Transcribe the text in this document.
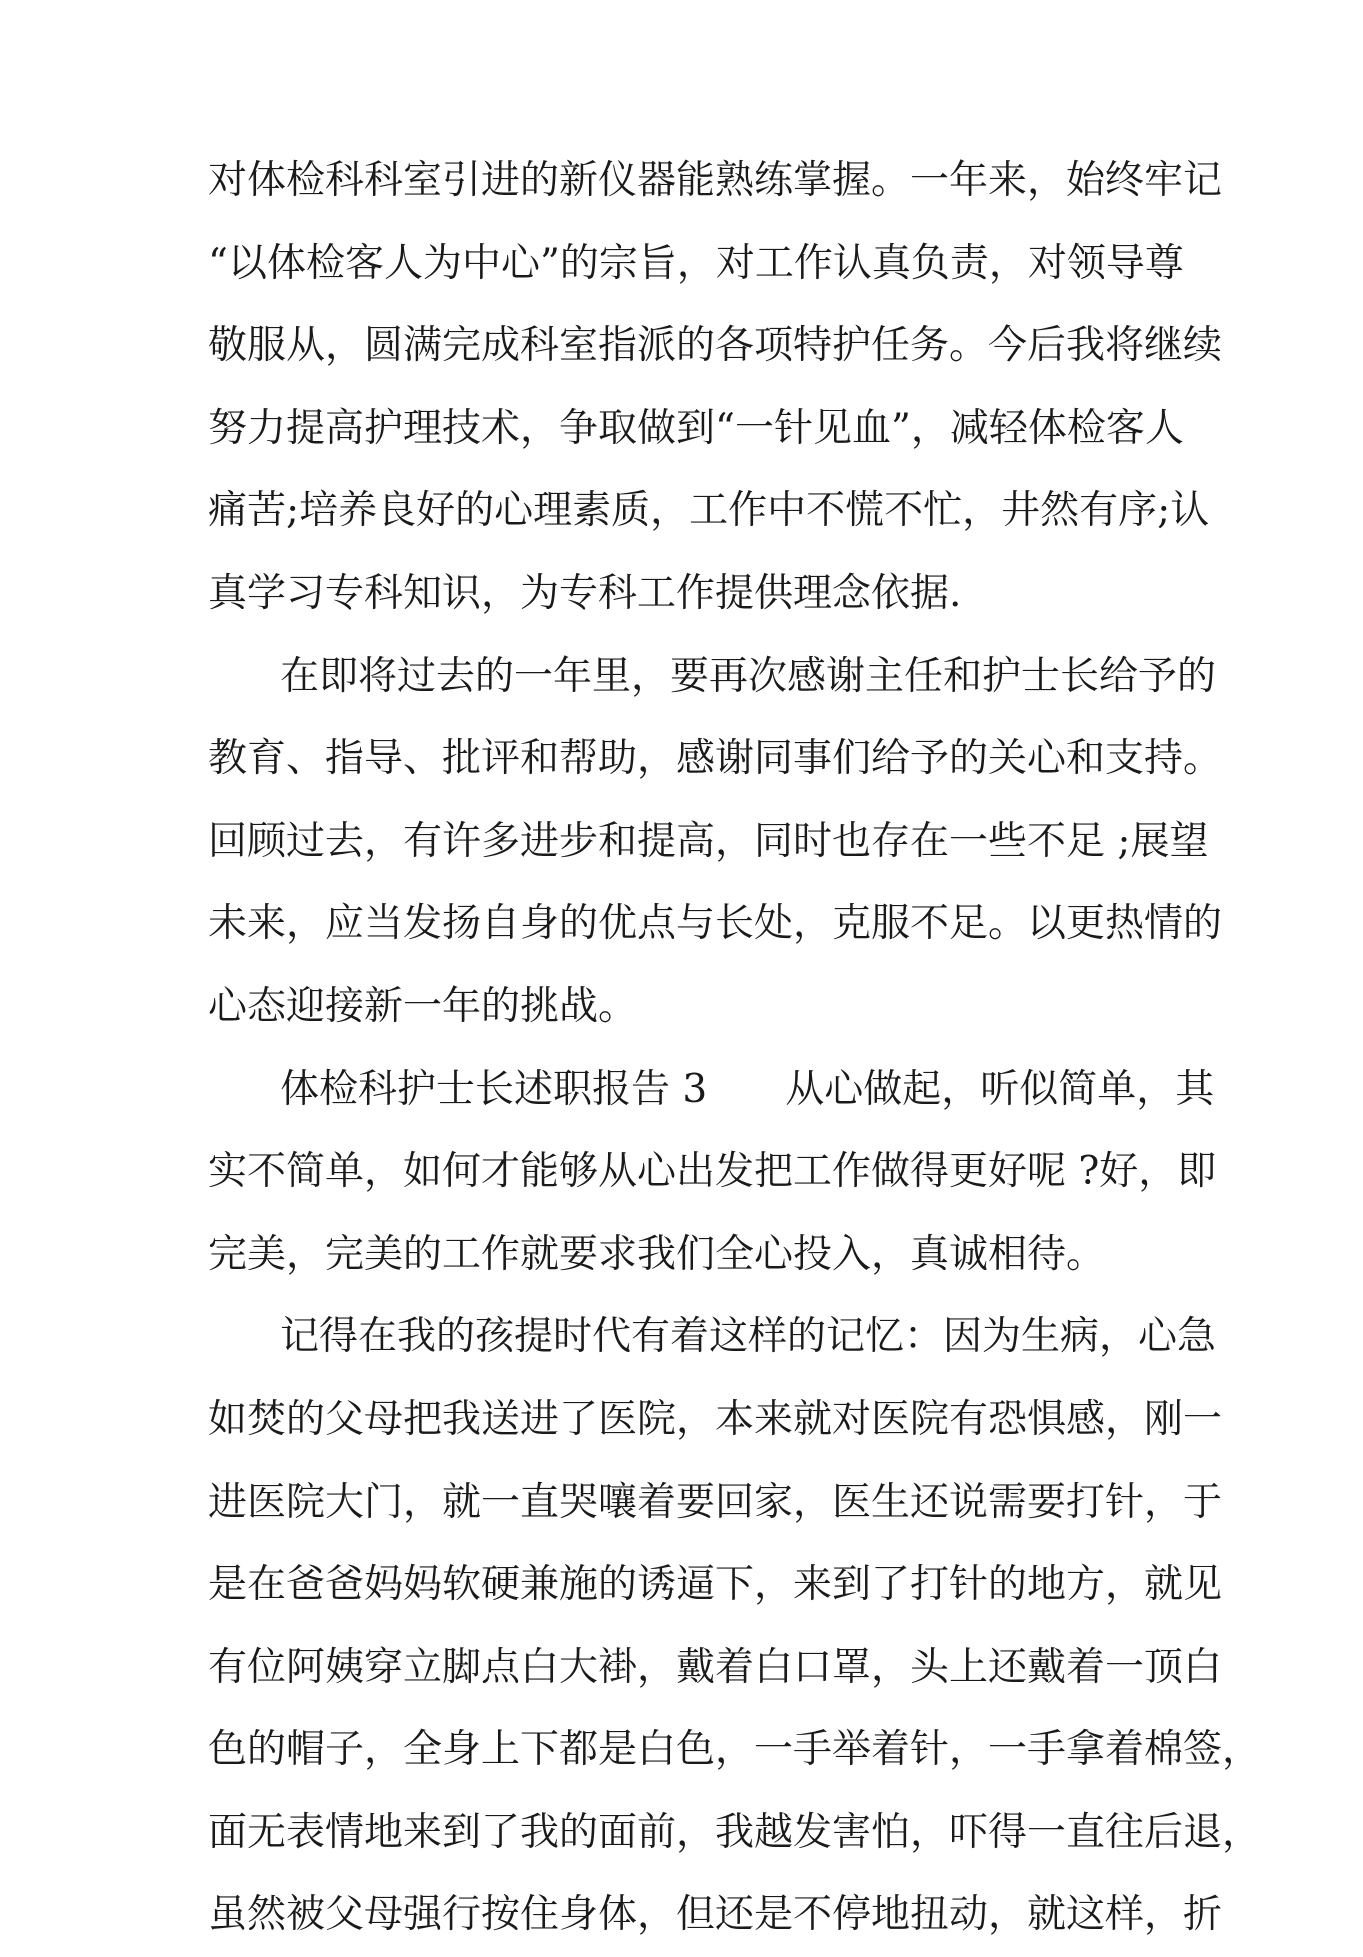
对体检科科室引进的新仪器能熟练掌握。一年来，始终牢记
“以体检客人为中心”的宗旨，对工作认真负责，对领导尊
敬服从，圆满完成科室指派的各项特护任务。今后我将继续
努力提高护理技术，争取做到“一针见血”，减轻体检客人
痛苦;培养良好的心理素质，工作中不慌不忙，井然有序;认
真学习专科知识，为专科工作提供理念依据.
在即将过去的一年里，要再次感谢主任和护士长给予的
教育、指导、批评和帮助，感谢同事们给予的关心和支持。
回顾过去，有许多进步和提高，同时也存在一些不足 ;展望
未来，应当发扬自身的优点与长处，克服不足。以更热情的
心态迎接新一年的挑战。
体检科护士长述职报告 3　　从心做起，听似简单，其
实不简单，如何才能够从心出发把工作做得更好呢 ?好，即
完美，完美的工作就要求我们全心投入，真诚相待。
记得在我的孩提时代有着这样的记忆：因为生病，心急
如焚的父母把我送进了医院，本来就对医院有恐惧感，刚一
进医院大门，就一直哭嚷着要回家，医生还说需要打针，于
是在爸爸妈妈软硬兼施的诱逼下，来到了打针的地方，就见
有位阿姨穿立脚点白大褂，戴着白口罩，头上还戴着一顶白
色的帽子，全身上下都是白色，一手举着针，一手拿着棉签，
面无表情地来到了我的面前，我越发害怕，吓得一直往后退，
虽然被父母强行按住身体，但还是不停地扭动，就这样，折
